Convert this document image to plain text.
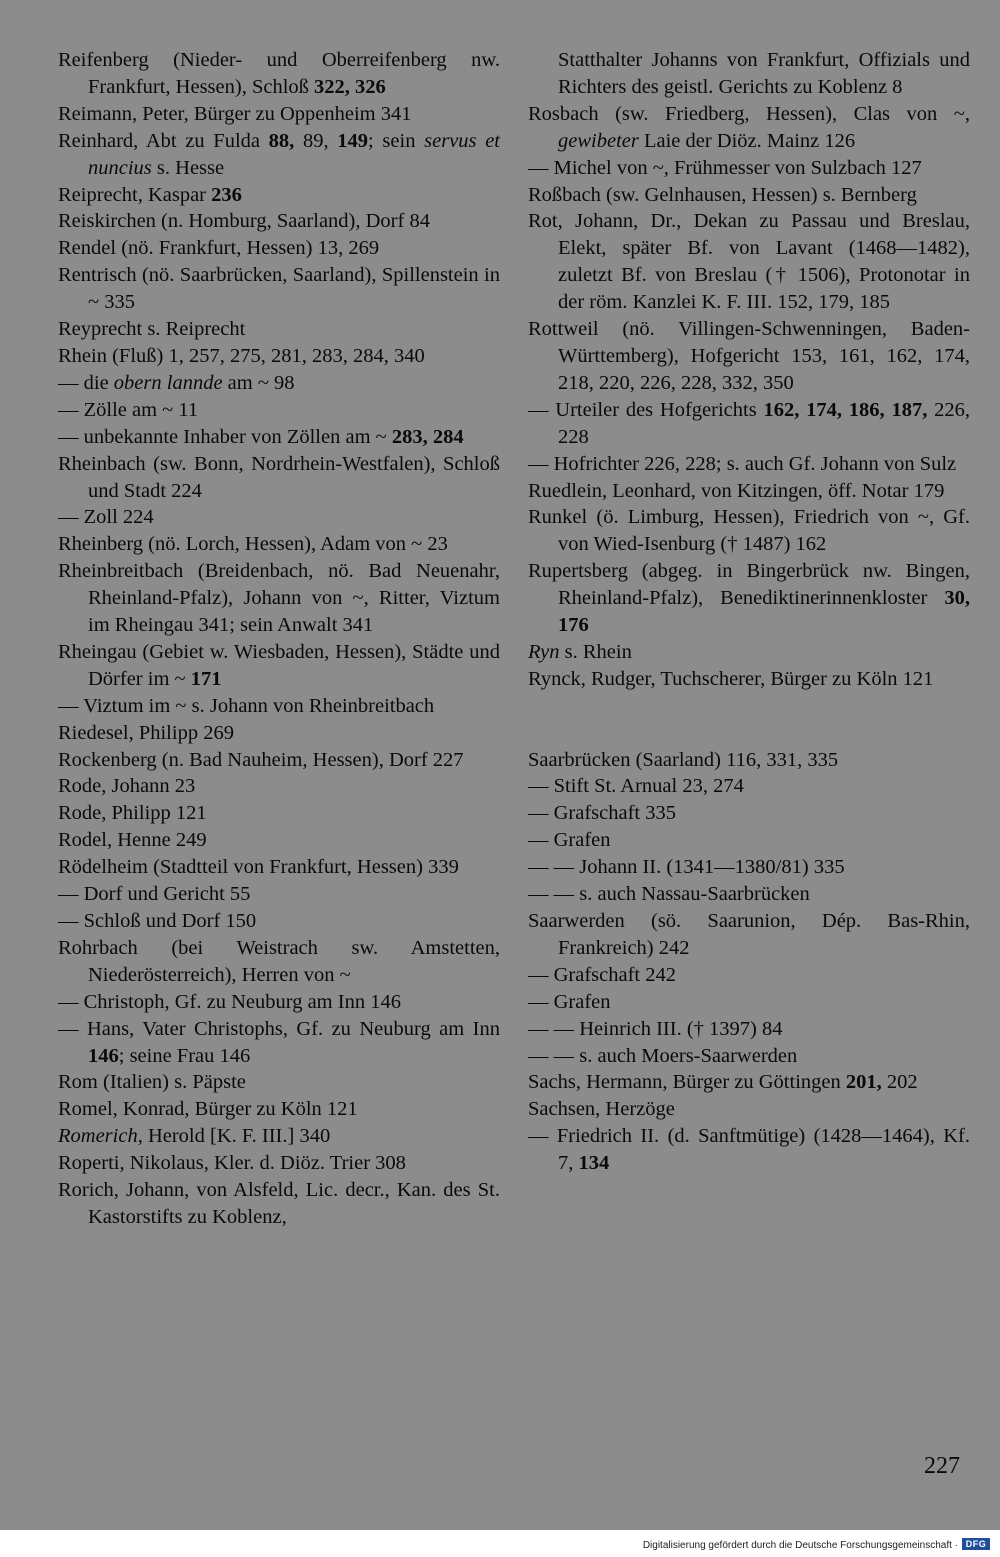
Reifenberg (Nieder- und Oberreifenberg nw. Frankfurt, Hessen), Schloß 322, 326
Reimann, Peter, Bürger zu Oppenheim 341
Reinhard, Abt zu Fulda 88, 89, 149; sein servus et nuncius s. Hesse
Reiprecht, Kaspar 236
Reiskirchen (n. Homburg, Saarland), Dorf 84
Rendel (nö. Frankfurt, Hessen) 13, 269
Rentrisch (nö. Saarbrücken, Saarland), Spillenstein in ~ 335
Reyprecht s. Reiprecht
Rhein (Fluß) 1, 257, 275, 281, 283, 284, 340
— die obern lannde am ~ 98
— Zölle am ~ 11
— unbekannte Inhaber von Zöllen am ~ 283, 284
Rheinbach (sw. Bonn, Nordrhein-Westfalen), Schloß und Stadt 224
— Zoll 224
Rheinberg (nö. Lorch, Hessen), Adam von ~ 23
Rheinbreitbach (Breidenbach, nö. Bad Neuenahr, Rheinland-Pfalz), Johann von ~, Ritter, Viztum im Rheingau 341; sein Anwalt 341
Rheingau (Gebiet w. Wiesbaden, Hessen), Städte und Dörfer im ~ 171
— Viztum im ~ s. Johann von Rheinbreitbach
Riedesel, Philipp 269
Rockenberg (n. Bad Nauheim, Hessen), Dorf 227
Rode, Johann 23
Rode, Philipp 121
Rodel, Henne 249
Rödelheim (Stadtteil von Frankfurt, Hessen) 339
— Dorf und Gericht 55
— Schloß und Dorf 150
Rohrbach (bei Weistrach sw. Amstetten, Niederösterreich), Herren von ~
— Christoph, Gf. zu Neuburg am Inn 146
— Hans, Vater Christophs, Gf. zu Neuburg am Inn 146; seine Frau 146
Rom (Italien) s. Päpste
Romel, Konrad, Bürger zu Köln 121
Romerich, Herold [K. F. III.] 340
Roperti, Nikolaus, Kler. d. Diöz. Trier 308
Rorich, Johann, von Alsfeld, Lic. decr., Kan. des St. Kastorstifts zu Koblenz,
Statthalter Johanns von Frankfurt, Offizials und Richters des geistl. Gerichts zu Koblenz 8
Rosbach (sw. Friedberg, Hessen), Clas von ~, gewibeter Laie der Diöz. Mainz 126
— Michel von ~, Frühmesser von Sulzbach 127
Roßbach (sw. Gelnhausen, Hessen) s. Bernberg
Rot, Johann, Dr., Dekan zu Passau und Breslau, Elekt, später Bf. von Lavant (1468—1482), zuletzt Bf. von Breslau († 1506), Protonotar in der röm. Kanzlei K. F. III. 152, 179, 185
Rottweil (nö. Villingen-Schwenningen, Baden-Württemberg), Hofgericht 153, 161, 162, 174, 218, 220, 226, 228, 332, 350
— Urteiler des Hofgerichts 162, 174, 186, 187, 226, 228
— Hofrichter 226, 228; s. auch Gf. Johann von Sulz
Ruedlein, Leonhard, von Kitzingen, öff. Notar 179
Runkel (ö. Limburg, Hessen), Friedrich von ~, Gf. von Wied-Isenburg († 1487) 162
Rupertsberg (abgeg. in Bingerbrück nw. Bingen, Rheinland-Pfalz), Benediktinerinnenkloster 30, 176
Ryn s. Rhein
Rynck, Rudger, Tuchscherer, Bürger zu Köln 121
Saarbrücken (Saarland) 116, 331, 335
— Stift St. Arnual 23, 274
— Grafschaft 335
— Grafen
— — Johann II. (1341—1380/81) 335
— — s. auch Nassau-Saarbrücken
Saarwerden (sö. Saarunion, Dép. Bas-Rhin, Frankreich) 242
— Grafschaft 242
— Grafen
— — Heinrich III. († 1397) 84
— — s. auch Moers-Saarwerden
Sachs, Hermann, Bürger zu Göttingen 201, 202
Sachsen, Herzöge
— Friedrich II. (d. Sanftmütige) (1428—1464), Kf. 7, 134
227
Digitalisierung gefördert durch die Deutsche Forschungsgemeinschaft · DFG
